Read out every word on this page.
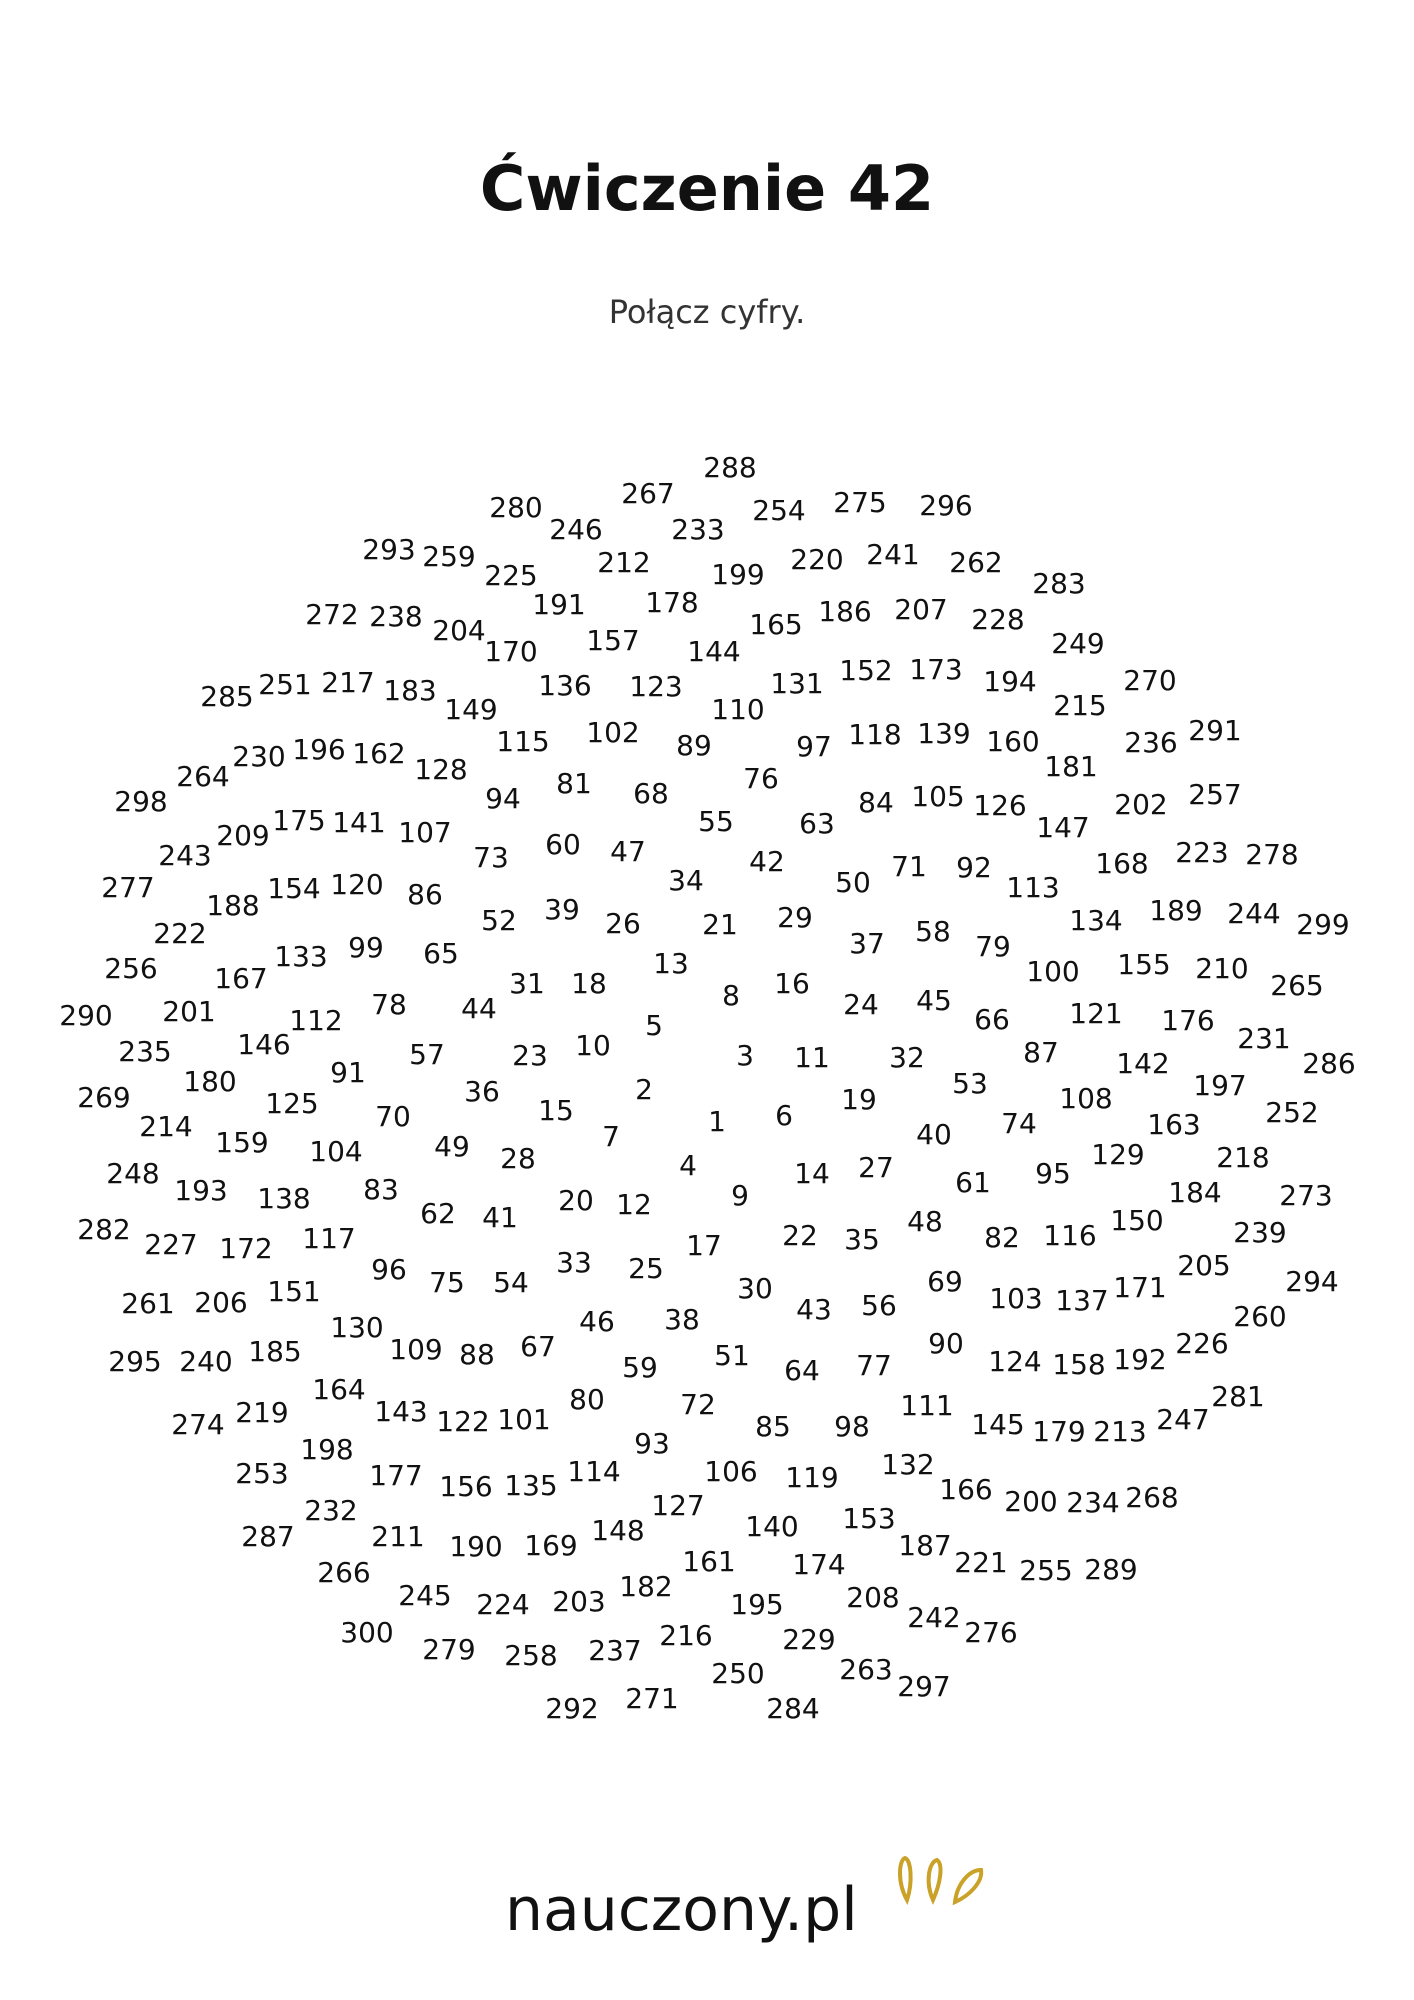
Ćwiczenie 42
Połącz cyfry.
288
280	267
246 233
254 275 296
293 259
225 212 199 220 241 262
283
191 178
272 238 204
170 157 144
165 186 207 228
249
285 251 217 183
149
136 123
110
131 152 173 194
215
270
115 102 89	97 118 139 160	236 291
264
230 196 162 128
94 81 68	76	181
298
55 63
84 105 126
147
202 257
243
209 175 141 107
73 60 47
34
42
50 71 92
113
168 223 278
277
188
154 120 86
52 39 26 21 29
37 58 79
134 189 244 299
222
133 99 65	13	100 155 210
256 167	31 18	16	265
290 201	112 78 44	8	24 45
66 121 176
235 146	57 23 10
5
3 11 32	87	231
286
180	91
36	2	53
142
197
269	125 70	15	6 19	108
214 159 104	49 28
7	1	74	163 252
40
248
193 138 83
4	14 27	95
129	218
61
62 41
20 12	9	184 273
282 227 172 117	22 35
48 82 116 150 239
96	33
17
205
75 54	25	69	294
261 206 151	30	103 137 171
130	46 38	43 56	260
295 240 185	109 88 67	51	90
124 158 192 226
59	64 77
164
274 219	80	72	111	281
143 122 101	85 98	145 179 213 247
93
198
253	132
114	106 119
177 156 135	166 200 234 268
232	127	153
140
287	211	148	187
190 169	161 174	221 255 289
266
245 224 203 182	208
195	242 276
300	216 229
279 258 237
250	263
297
292 271	284
nauczony.pl
